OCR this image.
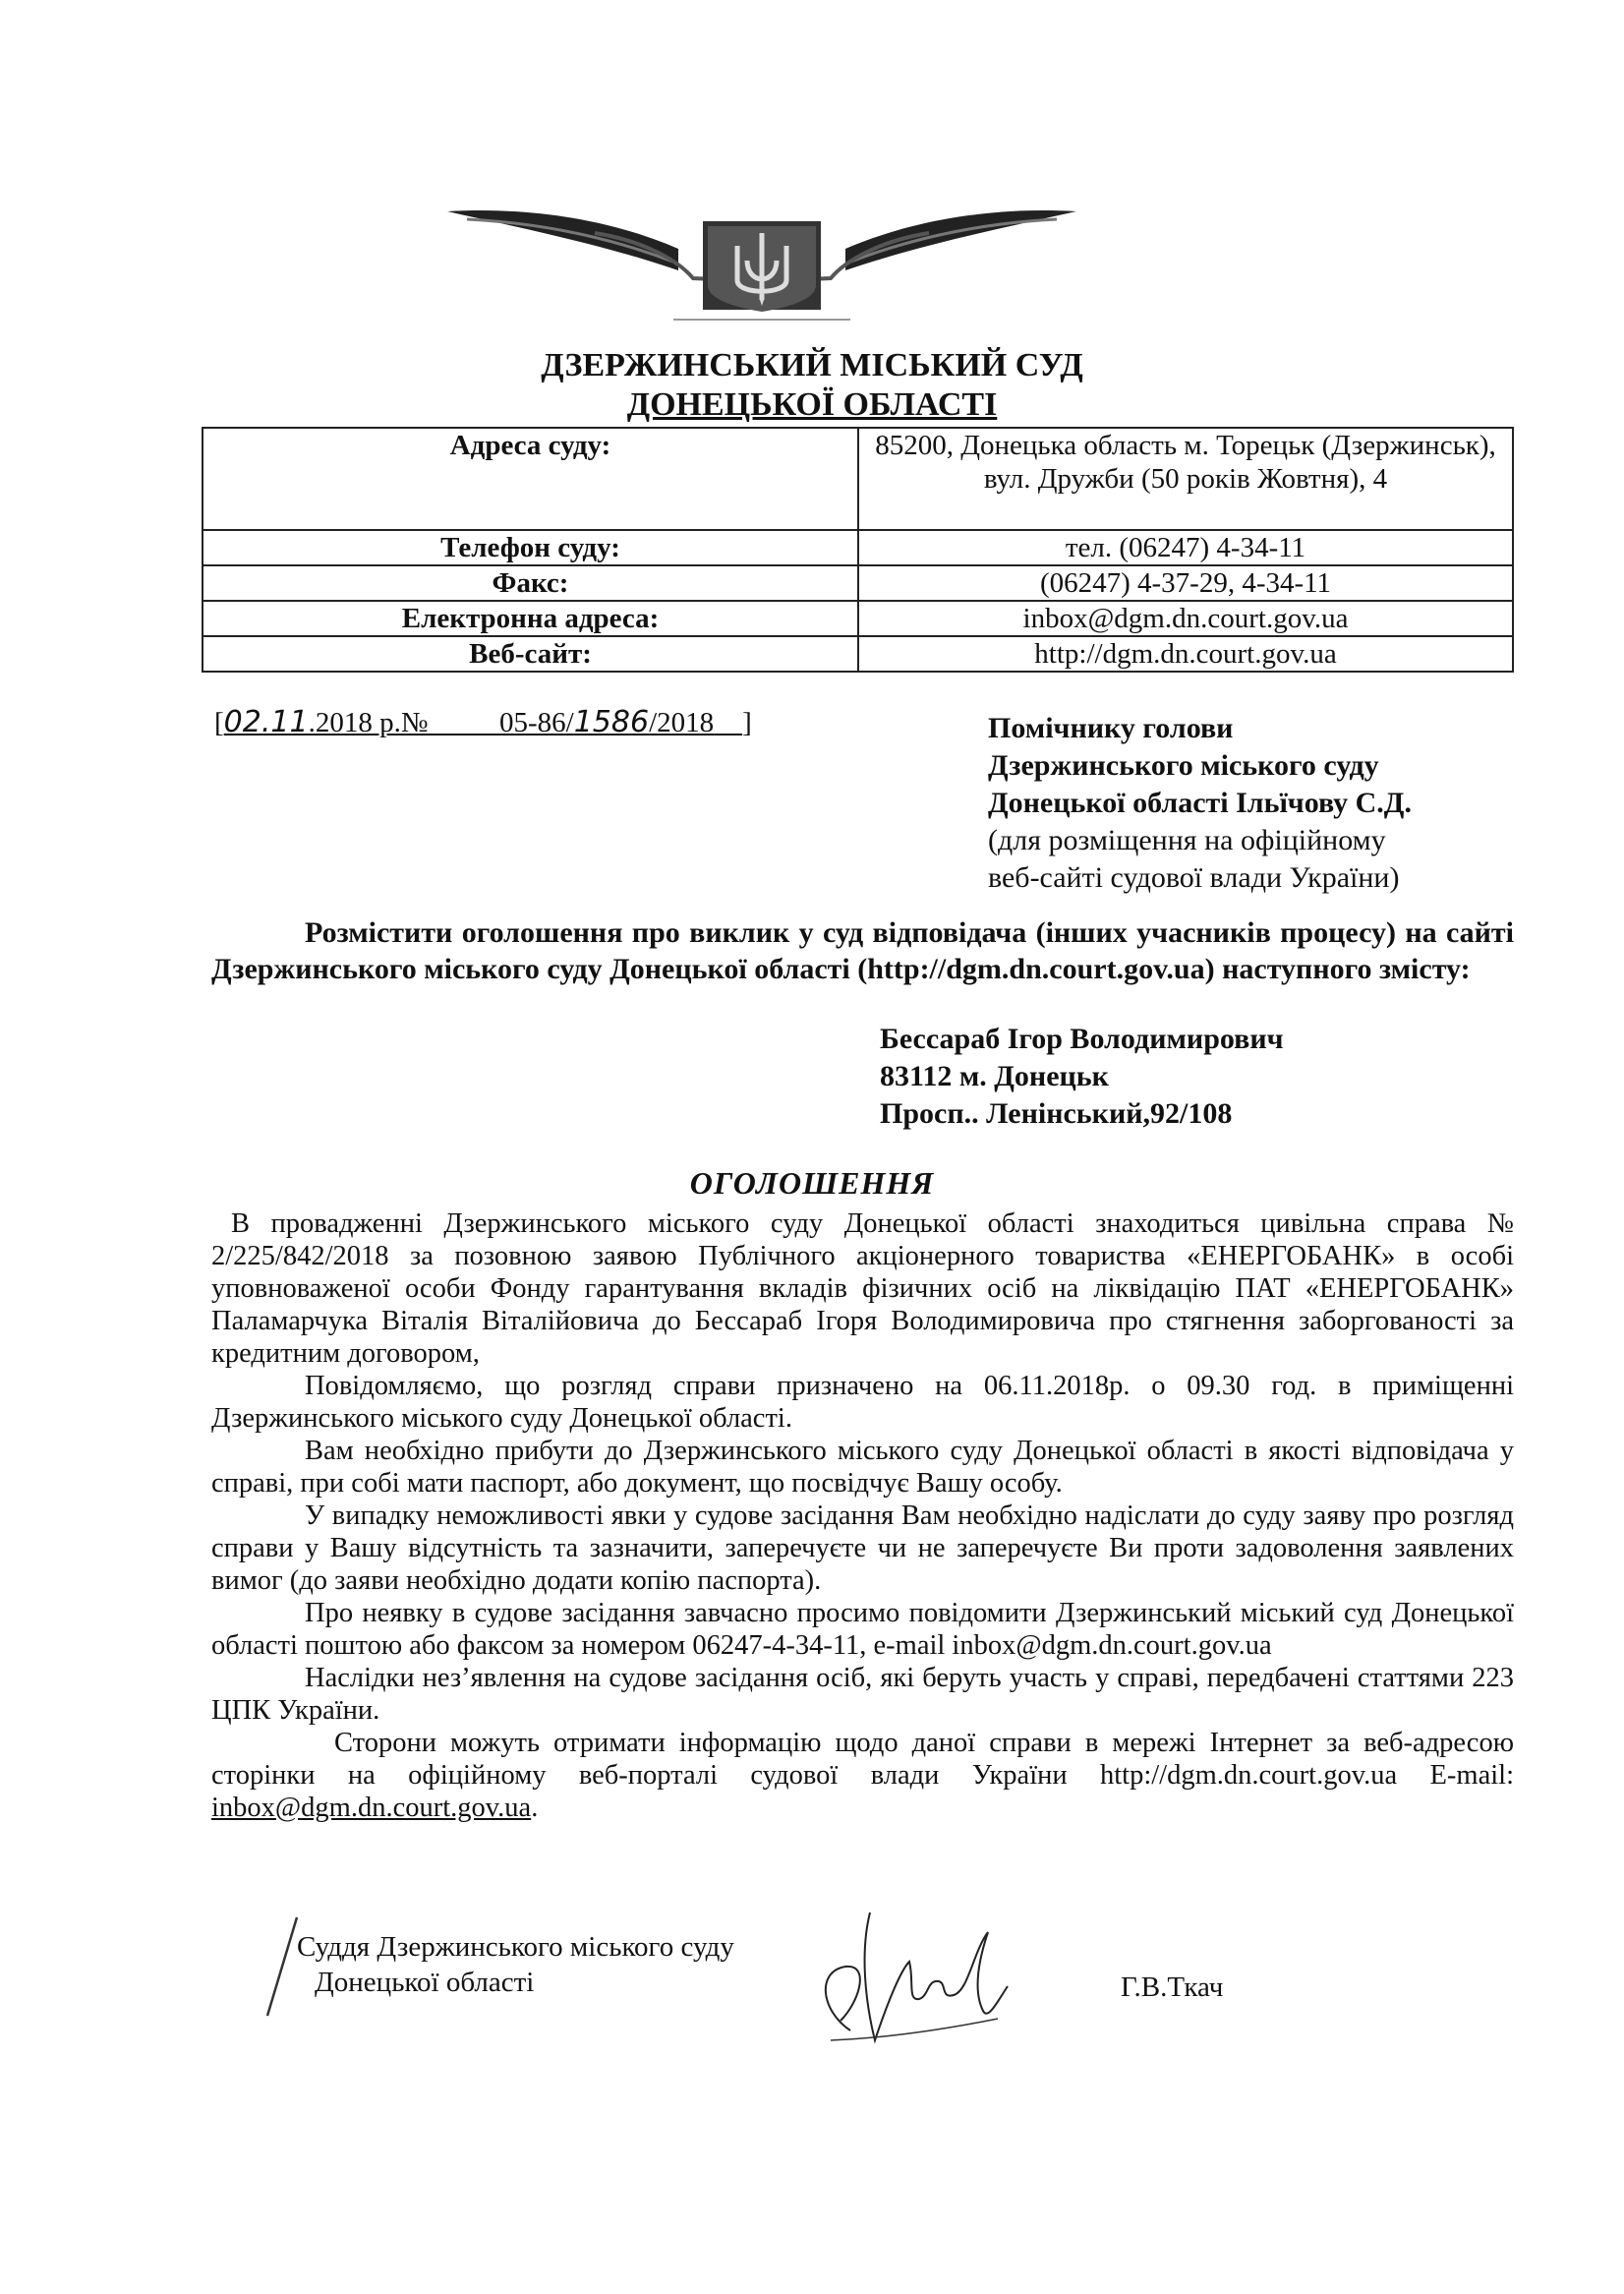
ДЗЕРЖИНСЬКИЙ МІСЬКИЙ СУД
ДОНЕЦЬКОЇ ОБЛАСТІ
Адреса суду:	85200, Донецька область м. Торецьк (Дзержинськ), вул. Дружби (50 років Жовтня), 4
Телефон суду:	тел. (06247) 4-34-11
Факс:	(06247) 4-37-29, 4-34-11
Електронна адреса:	inbox@dgm.dn.court.gov.ua
Веб-сайт:	http://dgm.dn.court.gov.ua
[02.11.2018 р.№	05-86/1586/2018 ]	Помічнику голови
Дзержинського міського суду
Донецької області Ільїчову С.Д.
(для розміщення на офіційному
веб-сайті судової влади України)
Розмістити оголошення про виклик у суд відповідача (інших учасників процесу) на сайті Дзержинського міського суду Донецької області (http://dgm.dn.court.gov.ua) наступного змісту:
Бессараб Ігор Володимирович
83112 м. Донецьк
Просп.. Ленінський,92/108
ОГОЛОШЕННЯ

В провадженні Дзержинського міського суду Донецької області знаходиться цивільна справа № 2/225/842/2018 за позовною заявою Публічного акціонерного товариства «ЕНЕРГОБАНК» в особі уповноваженої особи Фонду гарантування вкладів фізичних осіб на ліквідацію ПАТ «ЕНЕРГОБАНК» Паламарчука Віталія Віталійовича до Бессараб Ігоря Володимировича про стягнення заборгованості за кредитним договором,

Повідомляємо, що розгляд справи призначено на 06.11.2018р. о 09.30 год. в приміщенні Дзержинського міського суду Донецької області.

Вам необхідно прибути до Дзержинського міського суду Донецької області в якості відповідача у справі, при собі мати паспорт, або документ, що посвідчує Вашу особу.

У випадку неможливості явки у судове засідання Вам необхідно надіслати до суду заяву про розгляд справи у Вашу відсутність та зазначити, заперечуєте чи не заперечуєте Ви проти задоволення заявлених вимог (до заяви необхідно додати копію паспорта).

Про неявку в судове засідання завчасно просимо повідомити Дзержинський міський суд Донецької області поштою або факсом за номером 06247-4-34-11, e-mail inbox@dgm.dn.court.gov.ua

Наслідки нез’явлення на судове засідання осіб, які беруть участь у справі, передбачені статтями 223 ЦПК України.

Сторони можуть отримати інформацію щодо даної справи в мережі Інтернет за веб-адресою сторінки на офіційному веб-порталі судової влади України http://dgm.dn.court.gov.ua E-mail: inbox@dgm.dn.court.gov.ua.

Суддя Дзержинського міського суду
Донецької області	Г.В.Ткач
